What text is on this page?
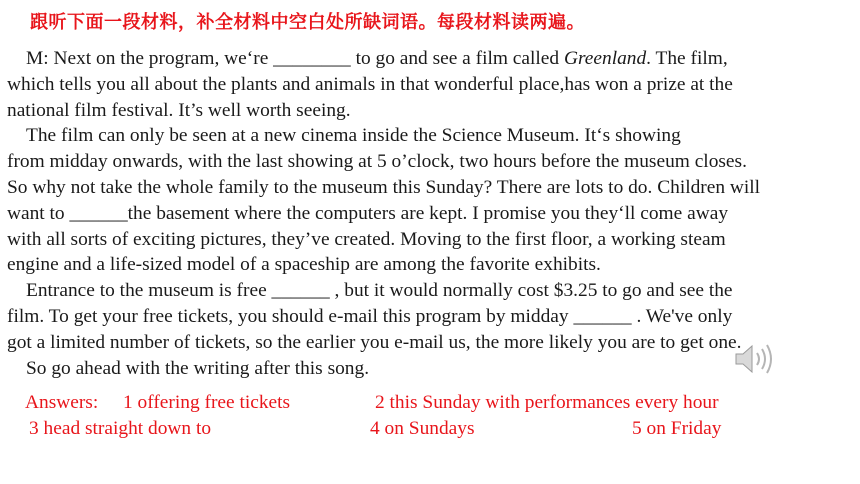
跟听下面一段材料，补全材料中空白处所缺词语。每段材料读两遍。
M: Next on the program, we‘re ________ to go and see a film called Greenland. The film,
which tells you all about the plants and animals in that wonderful place,has won a prize at the
national film festival. It’s well worth seeing.
The film can only be seen at a new cinema inside the Science Museum. It‘s showing
from midday onwards, with the last showing at 5 o’clock, two hours before the museum closes.
So why not take the whole family to the museum this Sunday? There are lots to do. Children will
want to ______the basement where the computers are kept. I promise you they‘ll come away
with all sorts of exciting pictures, they’ve created. Moving to the first floor, a working steam
engine and a life-sized model of a spaceship are among the favorite exhibits.
Entrance to the museum is free ______ , but it would normally cost $3.25 to go and see the
film. To get your free tickets, you should e-mail this program by midday ______ . We've only
got a limited number of tickets, so the earlier you e-mail us, the more likely you are to get one.
So go ahead with the writing after this song.
Answers: 1 offering free tickets	2 this Sunday with performances every hour
3 head straight down to	4 on Sundays	5 on Friday
